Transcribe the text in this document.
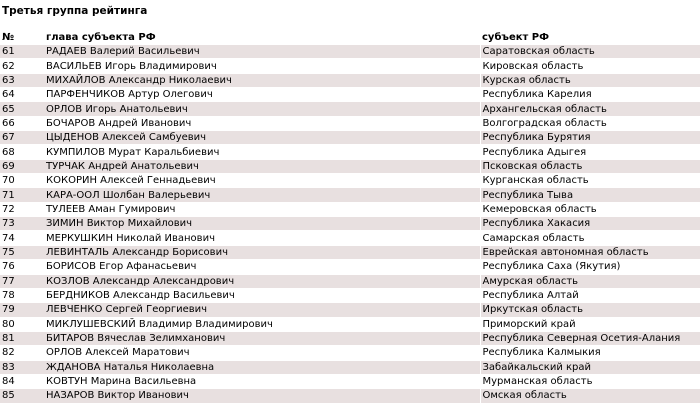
Третья группа рейтинга
№	глава субъекта РФ	субъект РФ
61	РАДАЕВ Валерий Васильевич	Саратовская область
62	ВАСИЛЬЕВ Игорь Владимирович	Кировская область
63	МИХАЙЛОВ Александр Николаевич	Курская область
64	ПАРФЕНЧИКОВ Артур Олегович	Республика Карелия
65	ОРЛОВ Игорь Анатольевич	Архангельская область
66	БОЧАРОВ Андрей Иванович	Волгоградская область
67	ЦЫДЕНОВ Алексей Самбуевич	Республика Бурятия
68	КУМПИЛОВ Мурат Каральбиевич	Республика Адыгея
69	ТУРЧАК Андрей Анатольевич	Псковская область
70	КОКОРИН Алексей Геннадьевич	Курганская область
71	КАРА-ООЛ Шолбан Валерьевич	Республика Тыва
72	ТУЛЕЕВ Аман Гумирович	Кемеровская область
73	ЗИМИН Виктор Михайлович	Республика Хакасия
74	МЕРКУШКИН Николай Иванович	Самарская область
75	ЛЕВИНТАЛЬ Александр Борисович	Еврейская автономная область
76	БОРИСОВ Егор Афанасьевич	Республика Саха (Якутия)
77	КОЗЛОВ Александр Александрович	Амурская область
78	БЕРДНИКОВ Александр Васильевич	Республика Алтай
79	ЛЕВЧЕНКО Сергей Георгиевич	Иркутская область
80	МИКЛУШЕВСКИЙ Владимир Владимирович	Приморский край
81	БИТАРОВ Вячеслав Зелимханович	Республика Северная Осетия-Алания
82	ОРЛОВ Алексей Маратович	Республика Калмыкия
83	ЖДАНОВА Наталья Николаевна	Забайкальский край
84	КОВТУН Марина Васильевна	Мурманская область
85	НАЗАРОВ Виктор Иванович	Омская область
